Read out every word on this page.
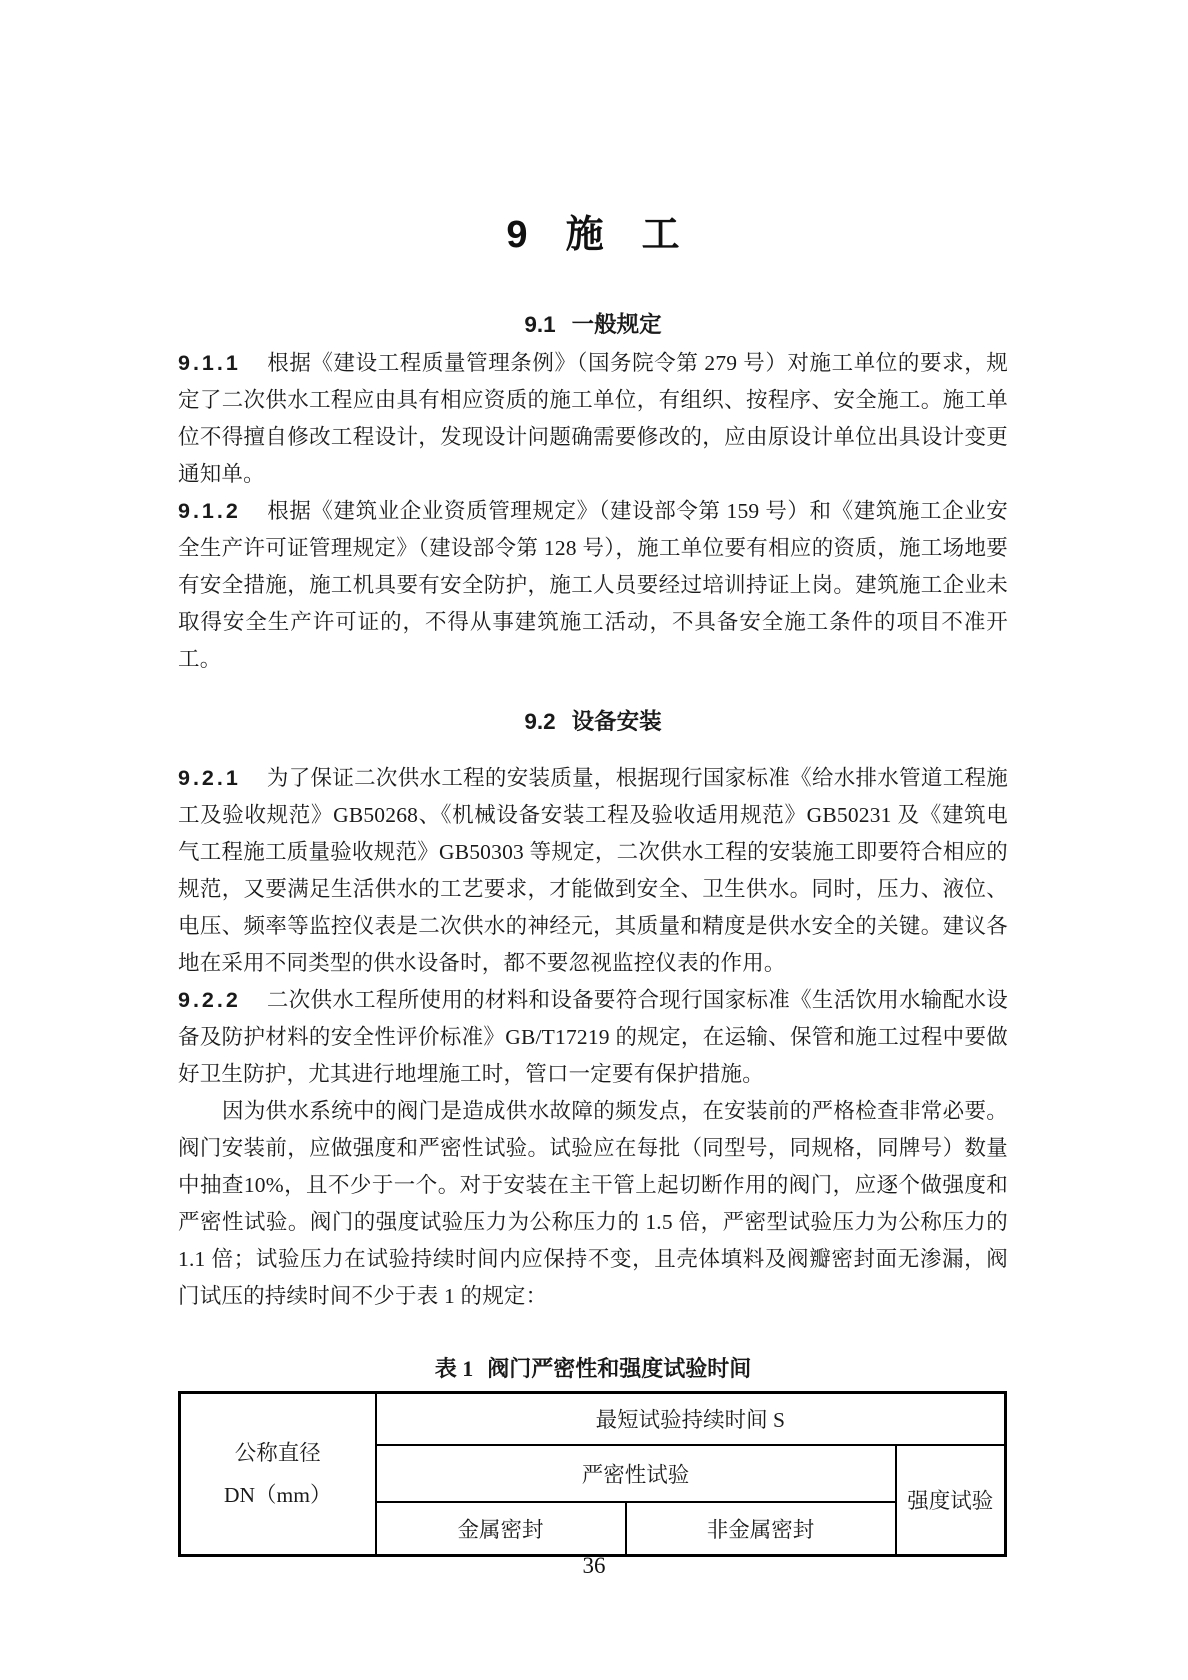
9 施　工
9.1 一般规定

9.1.1 根据《建设工程质量管理条例》（国务院令第 279 号）对施工单位的要求，规定了二次供水工程应由具有相应资质的施工单位，有组织、按程序、安全施工。施工单位不得擅自修改工程设计，发现设计问题确需要修改的，应由原设计单位出具设计变更通知单。

9.1.2 根据《建筑业企业资质管理规定》（建设部令第 159 号）和《建筑施工企业安全生产许可证管理规定》（建设部令第 128 号），施工单位要有相应的资质，施工场地要有安全措施，施工机具要有安全防护，施工人员要经过培训持证上岗。建筑施工企业未取得安全生产许可证的，不得从事建筑施工活动，不具备安全施工条件的项目不准开工。

9.2 设备安装

9.2.1 为了保证二次供水工程的安装质量，根据现行国家标准《给水排水管道工程施工及验收规范》GB50268、《机械设备安装工程及验收适用规范》GB50231 及《建筑电气工程施工质量验收规范》GB50303 等规定，二次供水工程的安装施工即要符合相应的规范，又要满足生活供水的工艺要求，才能做到安全、卫生供水。同时，压力、液位、电压、频率等监控仪表是二次供水的神经元，其质量和精度是供水安全的关键。建议各地在采用不同类型的供水设备时，都不要忽视监控仪表的作用。

9.2.2 二次供水工程所使用的材料和设备要符合现行国家标准《生活饮用水输配水设备及防护材料的安全性评价标准》GB/T17219 的规定，在运输、保管和施工过程中要做好卫生防护，尤其进行地埋施工时，管口一定要有保护措施。

因为供水系统中的阀门是造成供水故障的频发点，在安装前的严格检查非常必要。阀门安装前，应做强度和严密性试验。试验应在每批（同型号，同规格，同牌号）数量中抽查10%，且不少于一个。对于安装在主干管上起切断作用的阀门，应逐个做强度和严密性试验。阀门的强度试验压力为公称压力的 1.5 倍，严密型试验压力为公称压力的 1.1 倍；试验压力在试验持续时间内应保持不变，且壳体填料及阀瓣密封面无渗漏，阀门试压的持续时间不少于表 1 的规定：

表 1 阀门严密性和强度试验时间
公称直径
DN（mm）	最短试验持续时间 S		
	严密性试验		强度试验
	金属密封	非金属密封	
36
